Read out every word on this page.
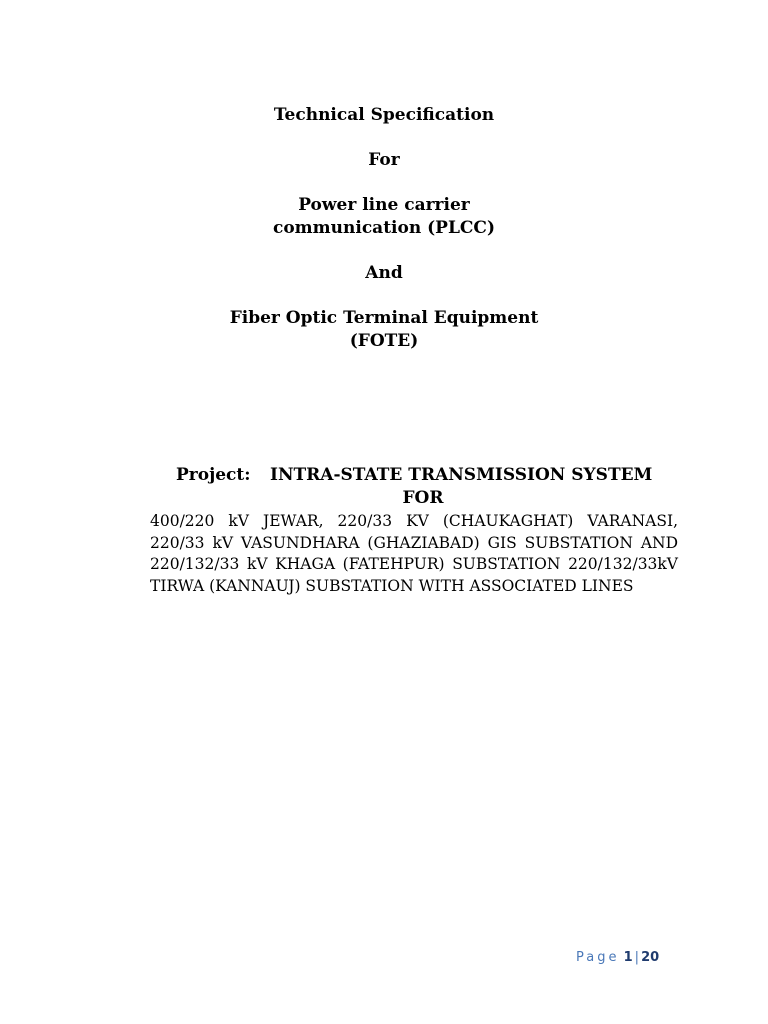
Technical Specification

For

Power line carrier

communication (PLCC)

And

Fiber Optic Terminal Equipment

(FOTE)

Project: INTRA-STATE TRANSMISSION SYSTEM
FOR
400/220 kV JEWAR, 220/33 KV (CHAUKAGHAT) VARANASI, 220/33 kV VASUNDHARA (GHAZIABAD) GIS SUBSTATION AND 220/132/33 kV KHAGA (FATEHPUR) SUBSTATION 220/132/33kV TIRWA (KANNAUJ) SUBSTATION WITH ASSOCIATED LINES
Page 1 | 20
